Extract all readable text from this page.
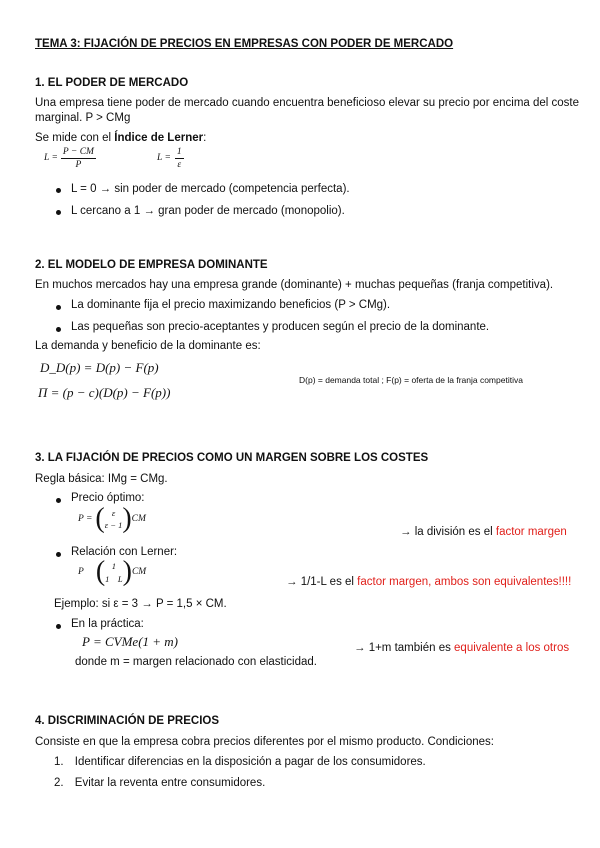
TEMA 3: FIJACIÓN DE PRECIOS EN EMPRESAS CON PODER DE MERCADO
1. EL PODER DE MERCADO
Una empresa tiene poder de mercado cuando encuentra beneficioso elevar su precio por encima del coste
marginal. P > CMg
Se mide con el Índice de Lerner:
$L = \frac{P - CM}{P}$	$L = \frac{1}{\varepsilon}$
L = 0 → sin poder de mercado (competencia perfecta).
L cercano a 1 → gran poder de mercado (monopolio).
2. EL MODELO DE EMPRESA DOMINANTE
En muchos mercados hay una empresa grande (dominante) + muchas pequeñas (franja competitiva).
La dominante fija el precio maximizando beneficios (P > CMg).
Las pequeñas son precio-aceptantes y producen según el precio de la dominante.
La demanda y beneficio de la dominante es:
D_D(p) = D(p) − F(p)
Π = (p − c)(D(p) − F(p))
D(p) = demanda total ; F(p) = oferta de la franja competitiva
3. LA FIJACIÓN DE PRECIOS COMO UN MARGEN SOBRE LOS COSTES
Regla básica: IMg = CMg.
Precio óptimo:
P = ( ε
ε − 1 ) CM
→ la división es el factor margen
Relación con Lerner:
P ( 1
1    L ) CM
→ 1/1-L es el factor margen, ambos son equivalentes!!!!
Ejemplo: si ε = 3 → P = 1,5 × CM.
En la práctica:
P = CVMe(1 + m)	→ 1+m también es equivalente a los otros
donde m = margen relacionado con elasticidad.
4. DISCRIMINACIÓN DE PRECIOS
Consiste en que la empresa cobra precios diferentes por el mismo producto. Condiciones:
1. Identificar diferencias en la disposición a pagar de los consumidores.
2. Evitar la reventa entre consumidores.
